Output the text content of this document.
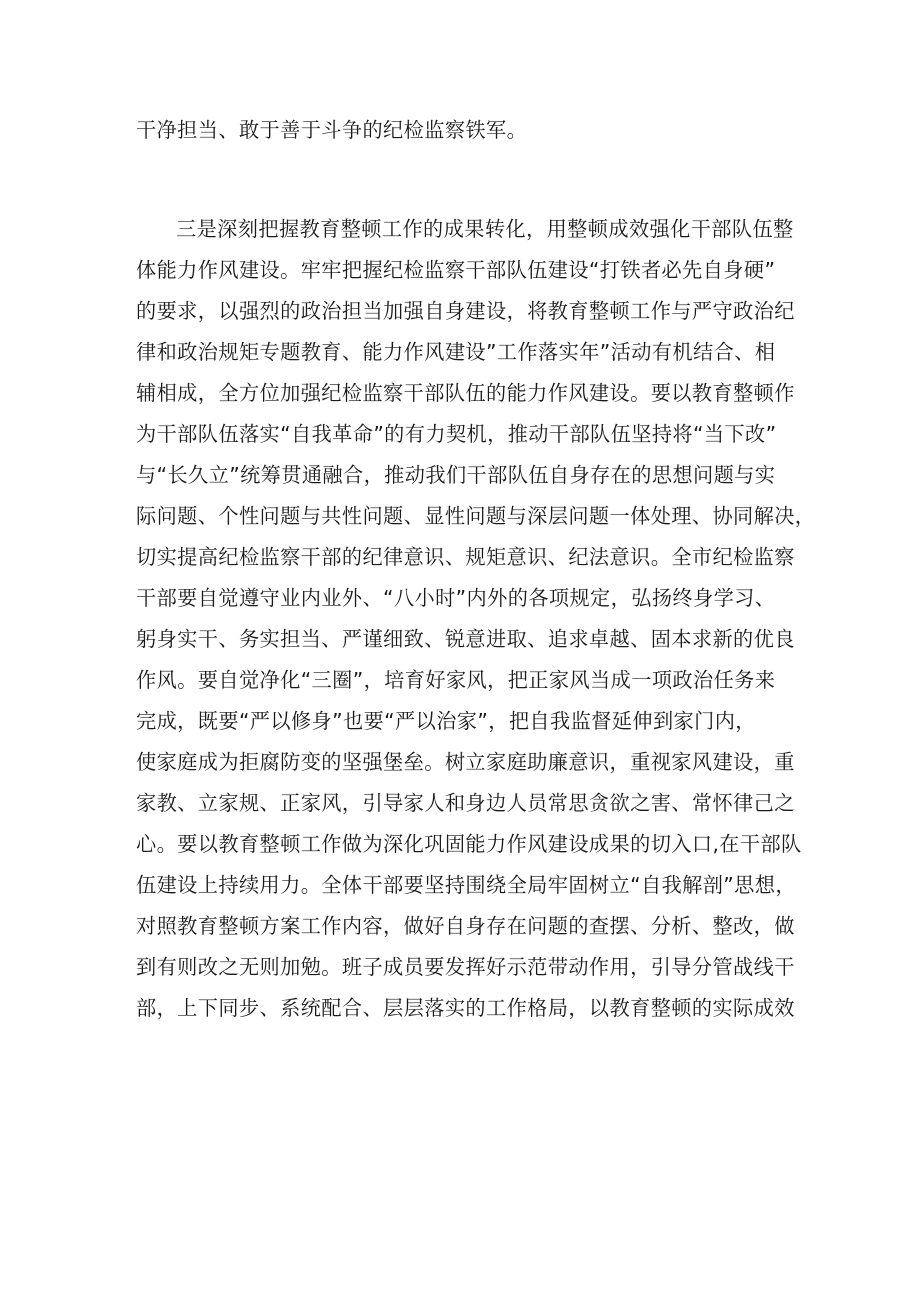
干净担当、敢于善于斗争的纪检监察铁军。
三是深刻把握教育整顿工作的成果转化，用整顿成效强化干部队伍整
体能力作风建设。牢牢把握纪检监察干部队伍建设“打铁者必先自身硬”
的要求，以强烈的政治担当加强自身建设，将教育整顿工作与严守政治纪
律和政治规矩专题教育、能力作风建设”工作落实年”活动有机结合、相
辅相成，全方位加强纪检监察干部队伍的能力作风建设。要以教育整顿作
为干部队伍落实“自我革命”的有力契机，推动干部队伍坚持将“当下改”
与“长久立”统筹贯通融合，推动我们干部队伍自身存在的思想问题与实
际问题、个性问题与共性问题、显性问题与深层问题一体处理、协同解决，
切实提高纪检监察干部的纪律意识、规矩意识、纪法意识。全市纪检监察
干部要自觉遵守业内业外、“八小时”内外的各项规定，弘扬终身学习、
躬身实干、务实担当、严谨细致、锐意进取、追求卓越、固本求新的优良
作风。要自觉净化“三圈”，培育好家风，把正家风当成一项政治任务来
完成，既要“严以修身”也要“严以治家”，把自我监督延伸到家门内，
使家庭成为拒腐防变的坚强堡垒。树立家庭助廉意识，重视家风建设，重
家教、立家规、正家风，引导家人和身边人员常思贪欲之害、常怀律己之
心。要以教育整顿工作做为深化巩固能力作风建设成果的切入口,在干部队
伍建设上持续用力。全体干部要坚持围绕全局牢固树立“自我解剖”思想，
对照教育整顿方案工作内容，做好自身存在问题的查摆、分析、整改，做
到有则改之无则加勉。班子成员要发挥好示范带动作用，引导分管战线干
部，上下同步、系统配合、层层落实的工作格局，以教育整顿的实际成效
